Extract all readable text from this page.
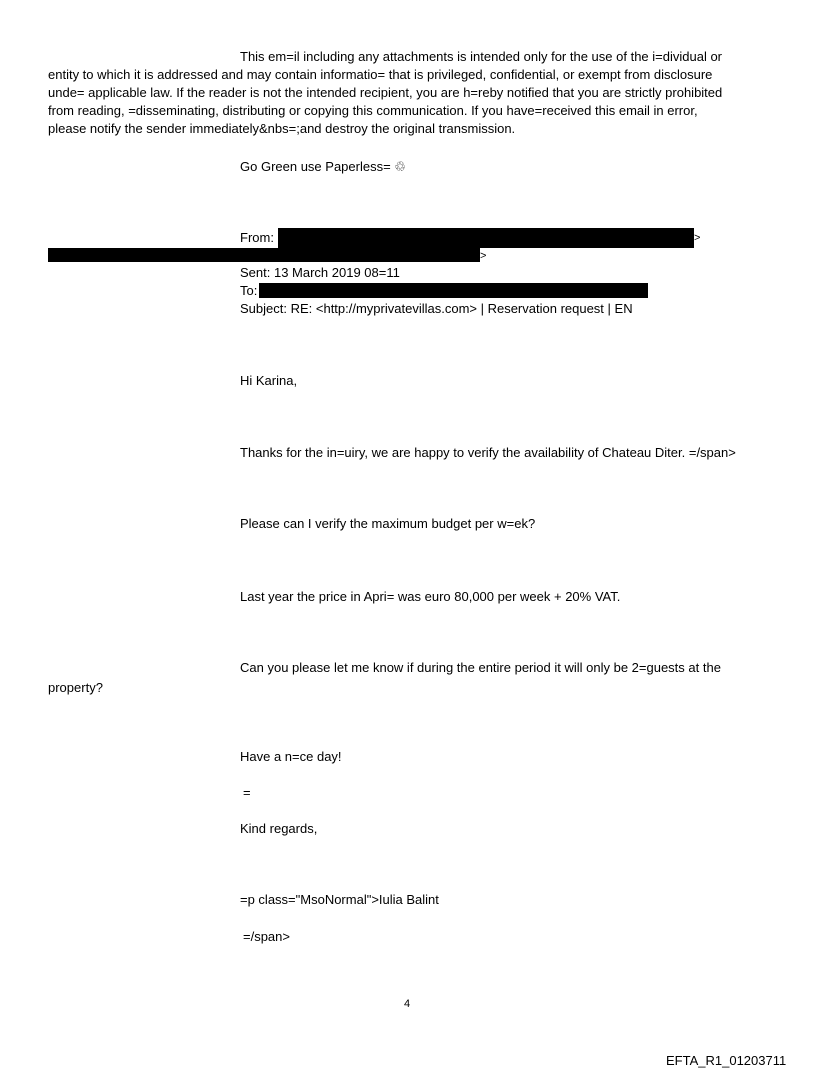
This em=il including any attachments is intended only for the use of the i=dividual or
entity to which it is addressed and may contain informatio= that is privileged, confidential, or exempt from disclosure
unde= applicable law. If the reader is not the intended recipient, you are h=reby notified that you are strictly prohibited
from reading, =disseminating, distributing or copying this communication. If you have=received this email in error,
please notify the sender immediately&nbs=;and destroy the original transmission.
Go Green use Paperless= ♲
From:	>
>
Sent: 13 March 2019 08=11
To:
Subject: RE: <http://myprivatevillas.com> | Reservation request | EN
Hi Karina,
Thanks for the in=uiry, we are happy to verify the availability of Chateau Diter. =/span>
Please can I verify the maximum budget per w=ek?
Last year the price in Apri= was euro 80,000 per week + 20% VAT.
Can you please let me know if during the entire period it will only be 2=guests at the
property?
Have a n=ce day!
=
Kind regards,
=p class="MsoNormal">Iulia Balint
=/span>
4
EFTA_R1_01203711
